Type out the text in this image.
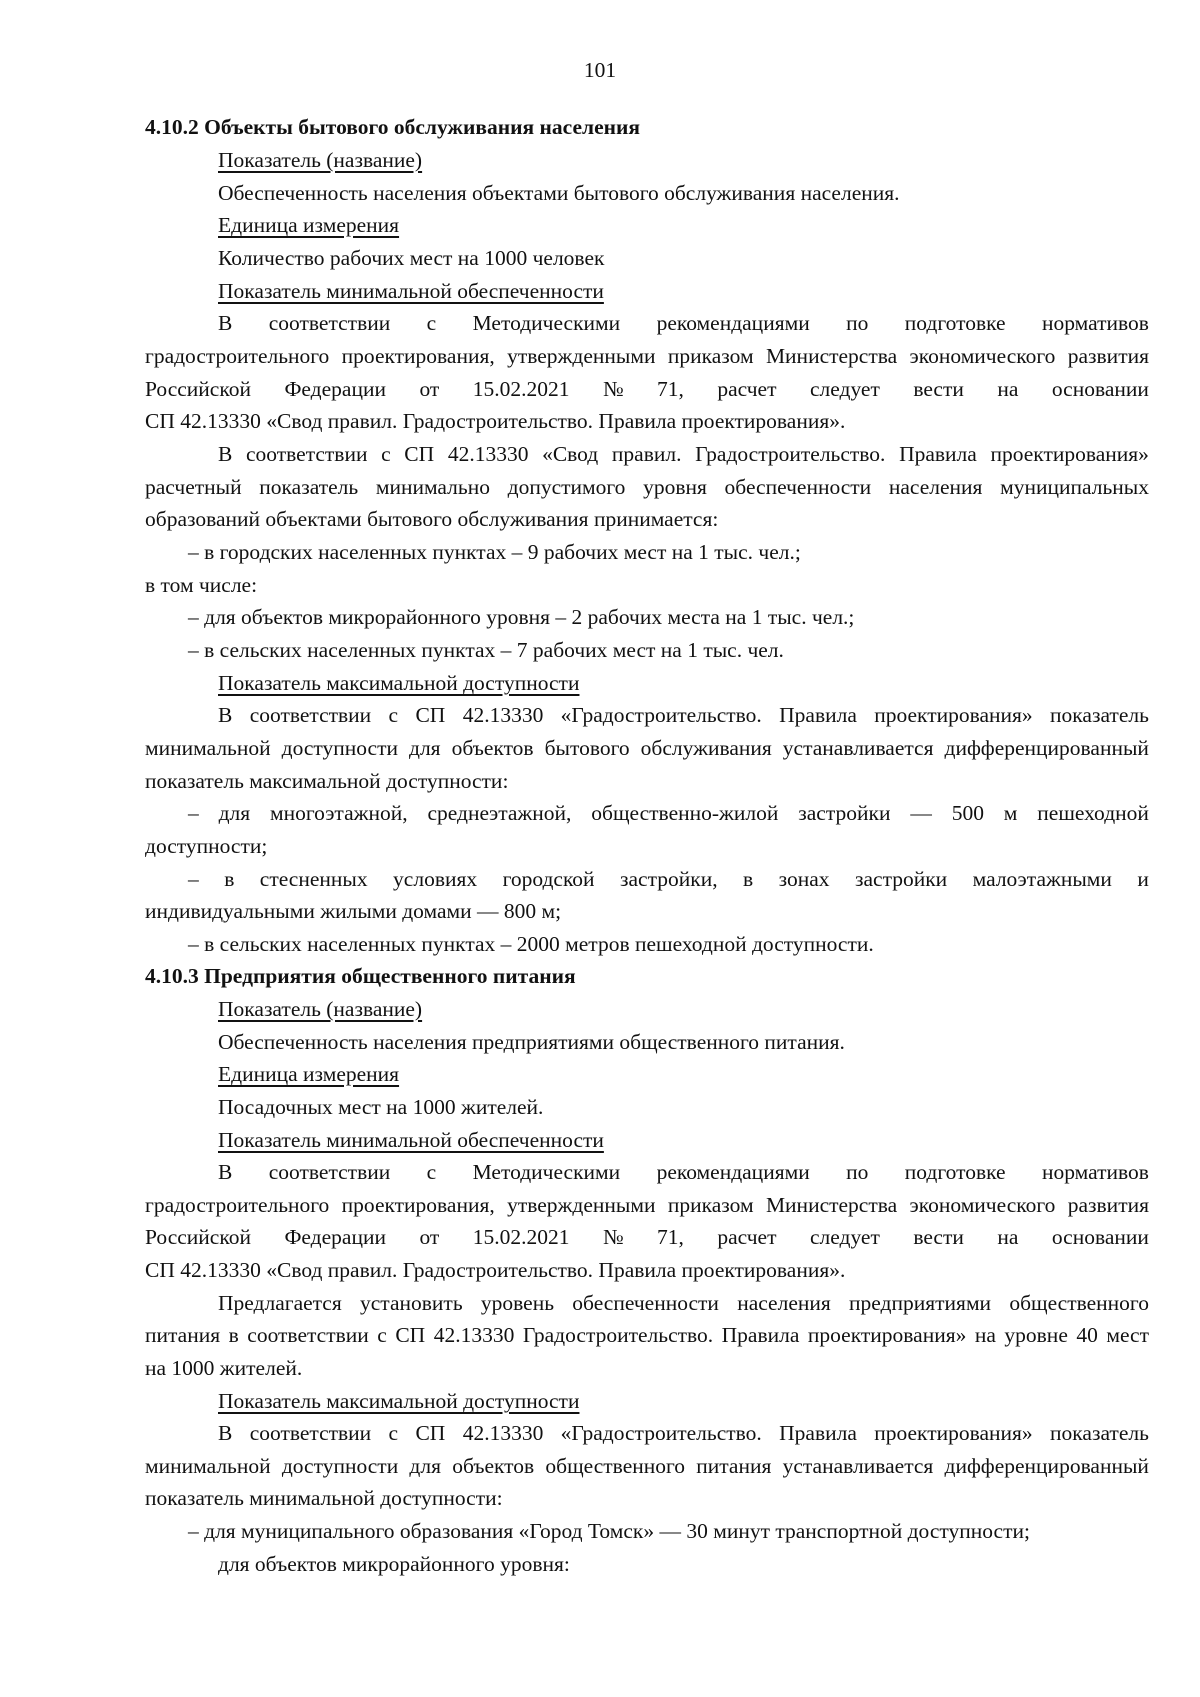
101
4.10.2 Объекты бытового обслуживания населения
Показатель (название)
Обеспеченность населения объектами бытового обслуживания населения.
Единица измерения
Количество рабочих мест на 1000 человек
Показатель минимальной обеспеченности
В соответствии с Методическими рекомендациями по подготовке нормативов
градостроительного проектирования, утвержденными приказом Министерства экономического развития
Российской Федерации от 15.02.2021 № 71, расчет следует вести на основании
СП 42.13330 «Свод правил. Градостроительство. Правила проектирования».
В соответствии с СП 42.13330 «Свод правил. Градостроительство. Правила проектирования»
расчетный показатель минимально допустимого уровня обеспеченности населения муниципальных
образований объектами бытового обслуживания принимается:
– в городских населенных пунктах – 9 рабочих мест на 1 тыс. чел.;
в том числе:
– для объектов микрорайонного уровня – 2 рабочих места на 1 тыс. чел.;
– в сельских населенных пунктах – 7 рабочих мест на 1 тыс. чел.
Показатель максимальной доступности
В соответствии с СП 42.13330 «Градостроительство. Правила проектирования» показатель
минимальной доступности для объектов бытового обслуживания устанавливается дифференцированный
показатель максимальной доступности:
– для многоэтажной, среднеэтажной, общественно-жилой застройки — 500 м пешеходной
доступности;
– в стесненных условиях городской застройки, в зонах застройки малоэтажными и
индивидуальными жилыми домами — 800 м;
– в сельских населенных пунктах – 2000 метров пешеходной доступности.
4.10.3 Предприятия общественного питания
Показатель (название)
Обеспеченность населения предприятиями общественного питания.
Единица измерения
Посадочных мест на 1000 жителей.
Показатель минимальной обеспеченности
В соответствии с Методическими рекомендациями по подготовке нормативов
градостроительного проектирования, утвержденными приказом Министерства экономического развития
Российской Федерации от 15.02.2021 № 71, расчет следует вести на основании
СП 42.13330 «Свод правил. Градостроительство. Правила проектирования».
Предлагается установить уровень обеспеченности населения предприятиями общественного
питания в соответствии с СП 42.13330 Градостроительство. Правила проектирования» на уровне 40 мест
на 1000 жителей.
Показатель максимальной доступности
В соответствии с СП 42.13330 «Градостроительство. Правила проектирования» показатель
минимальной доступности для объектов общественного питания устанавливается дифференцированный
показатель минимальной доступности:
– для муниципального образования «Город Томск» — 30 минут транспортной доступности;
для объектов микрорайонного уровня:
